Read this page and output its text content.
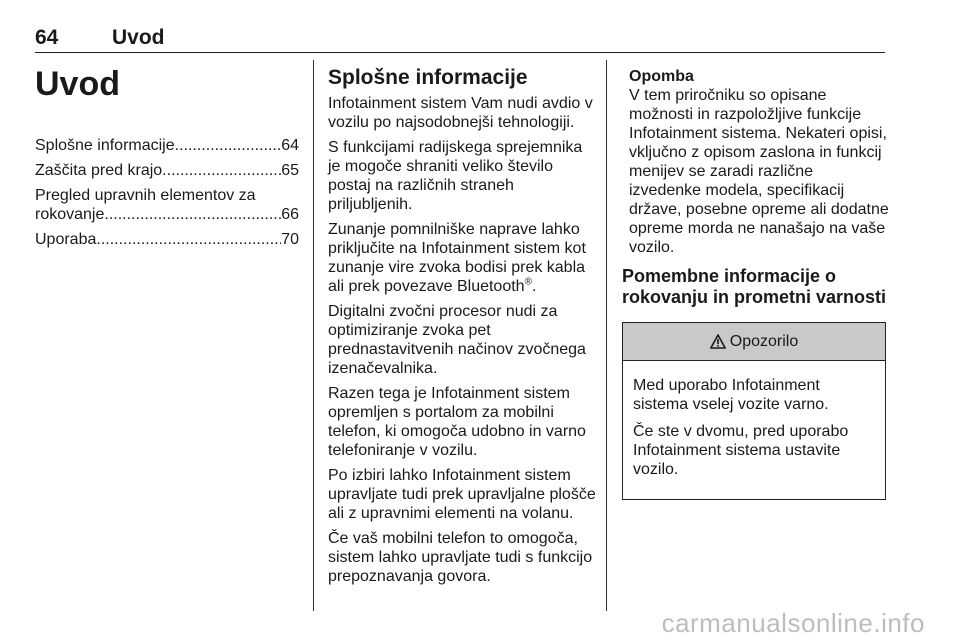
64	Uvod
Uvod
Splošne informacije .....	64
Zaščita pred krajo .....	65
Pregled upravnih elementov za
rokovanje .....	66
Uporaba .....	70
Splošne informacije
Infotainment sistem Vam nudi avdio v
vozilu po najsodobnejši tehnologiji.
S funkcijami radijskega sprejemnika
je mogoče shraniti veliko število
postaj na različnih straneh
priljubljenih.
Zunanje pomnilniške naprave lahko
priključite na Infotainment sistem kot
zunanje vire zvoka bodisi prek kabla
ali prek povezave Bluetooth®.
Digitalni zvočni procesor nudi za
optimiziranje zvoka pet
prednastavitvenih načinov zvočnega
izenačevalnika.
Razen tega je Infotainment sistem
opremljen s portalom za mobilni
telefon, ki omogoča udobno in varno
telefoniranje v vozilu.
Po izbiri lahko Infotainment sistem
upravljate tudi prek upravljalne plošče
ali z upravnimi elementi na volanu.
Če vaš mobilni telefon to omogoča,
sistem lahko upravljate tudi s funkcijo
prepoznavanja govora.
Opomba
V tem priročniku so opisane
možnosti in razpoložljive funkcije
Infotainment sistema. Nekateri opisi,
vključno z opisom zaslona in funkcij
menijev se zaradi različne
izvedenke modela, specifikacij
države, posebne opreme ali dodatne
opreme morda ne nanašajo na vaše
vozilo.
Pomembne informacije o
rokovanju in prometni varnosti
Opozorilo
Med uporabo Infotainment
sistema vselej vozite varno.
Če ste v dvomu, pred uporabo
Infotainment sistema ustavite
vozilo.
carmanualsonline.info
